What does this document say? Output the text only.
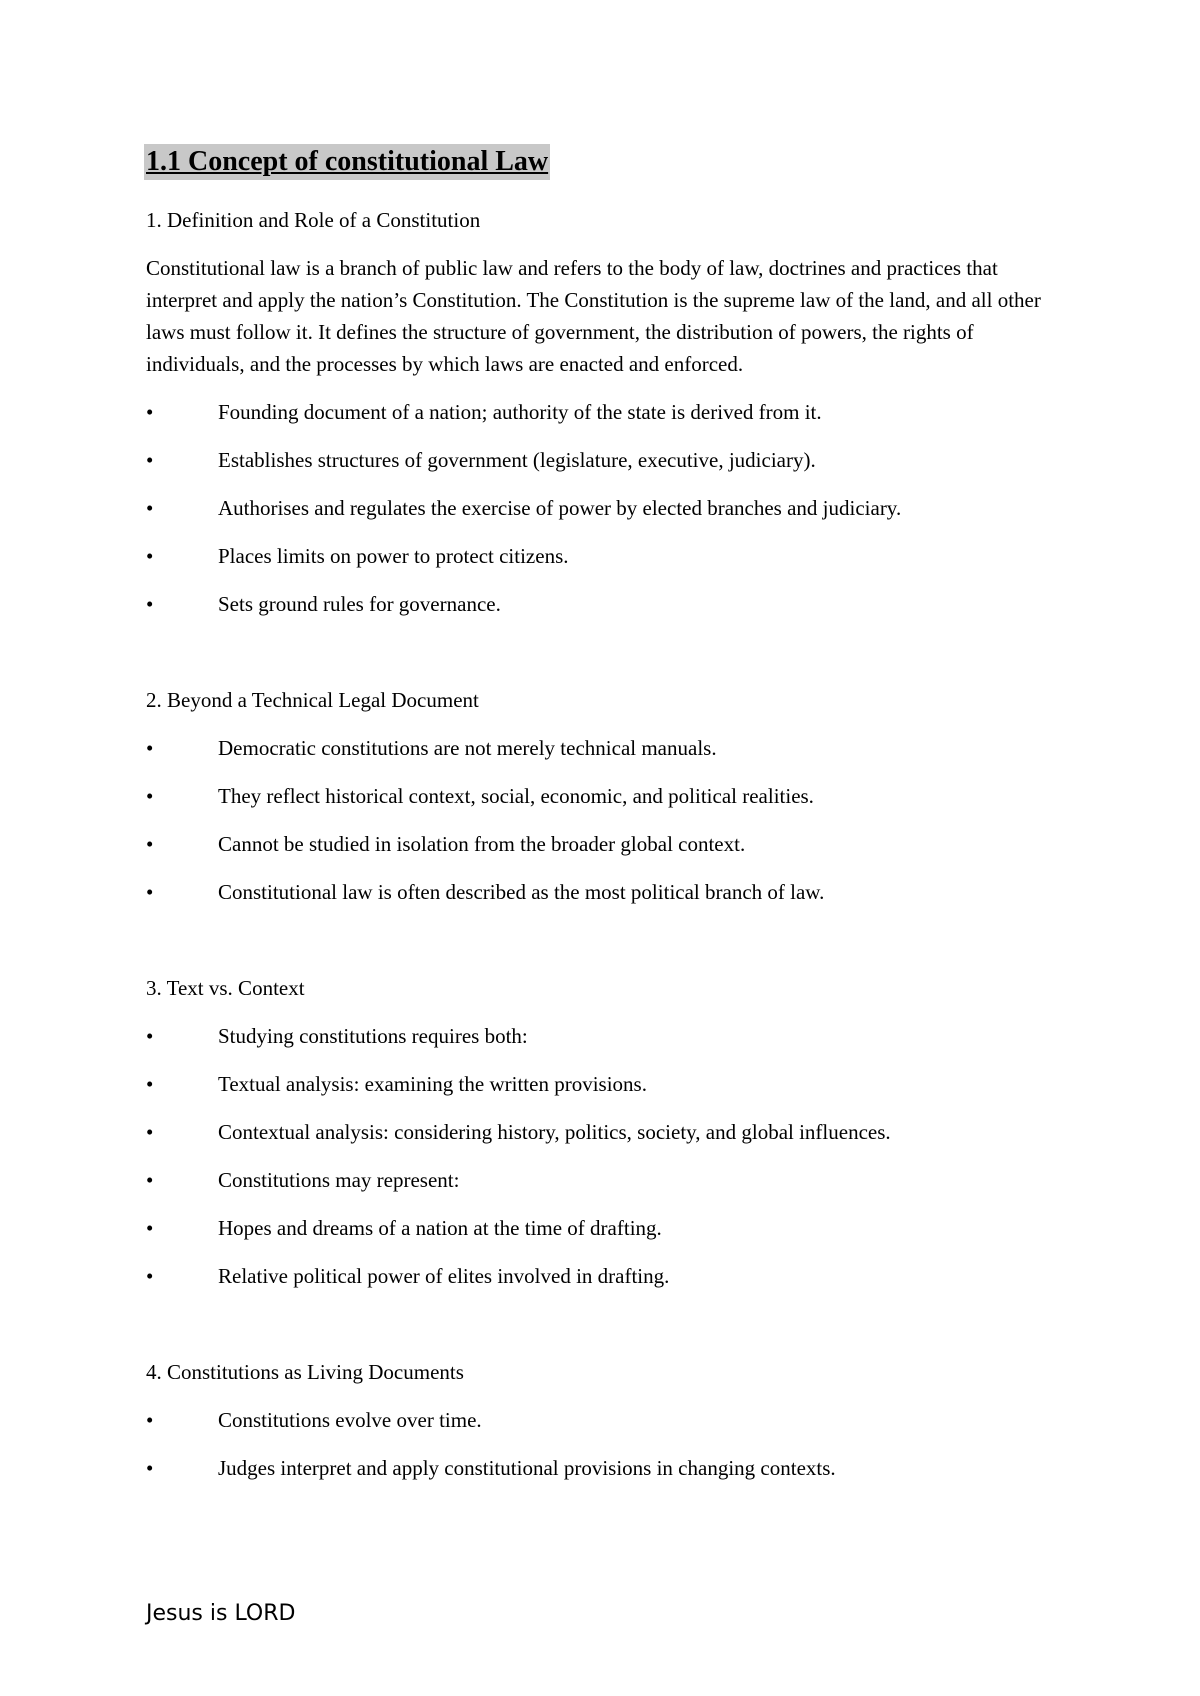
1.1 Concept of constitutional Law

1. Definition and Role of a Constitution

Constitutional law is a branch of public law and refers to the body of law, doctrines and practices that interpret and apply the nation’s Constitution. The Constitution is the supreme law of the land, and all other laws must follow it. It defines the structure of government, the distribution of powers, the rights of individuals, and the processes by which laws are enacted and enforced.

•	Founding document of a nation; authority of the state is derived from it.
•	Establishes structures of government (legislature, executive, judiciary).
•	Authorises and regulates the exercise of power by elected branches and judiciary.
•	Places limits on power to protect citizens.
•	Sets ground rules for governance.

2. Beyond a Technical Legal Document

•	Democratic constitutions are not merely technical manuals.
•	They reflect historical context, social, economic, and political realities.
•	Cannot be studied in isolation from the broader global context.
•	Constitutional law is often described as the most political branch of law.

3. Text vs. Context

•	Studying constitutions requires both:
•	Textual analysis: examining the written provisions.
•	Contextual analysis: considering history, politics, society, and global influences.
•	Constitutions may represent:
•	Hopes and dreams of a nation at the time of drafting.
•	Relative political power of elites involved in drafting.

4. Constitutions as Living Documents

•	Constitutions evolve over time.
•	Judges interpret and apply constitutional provisions in changing contexts.
Jesus is LORD
